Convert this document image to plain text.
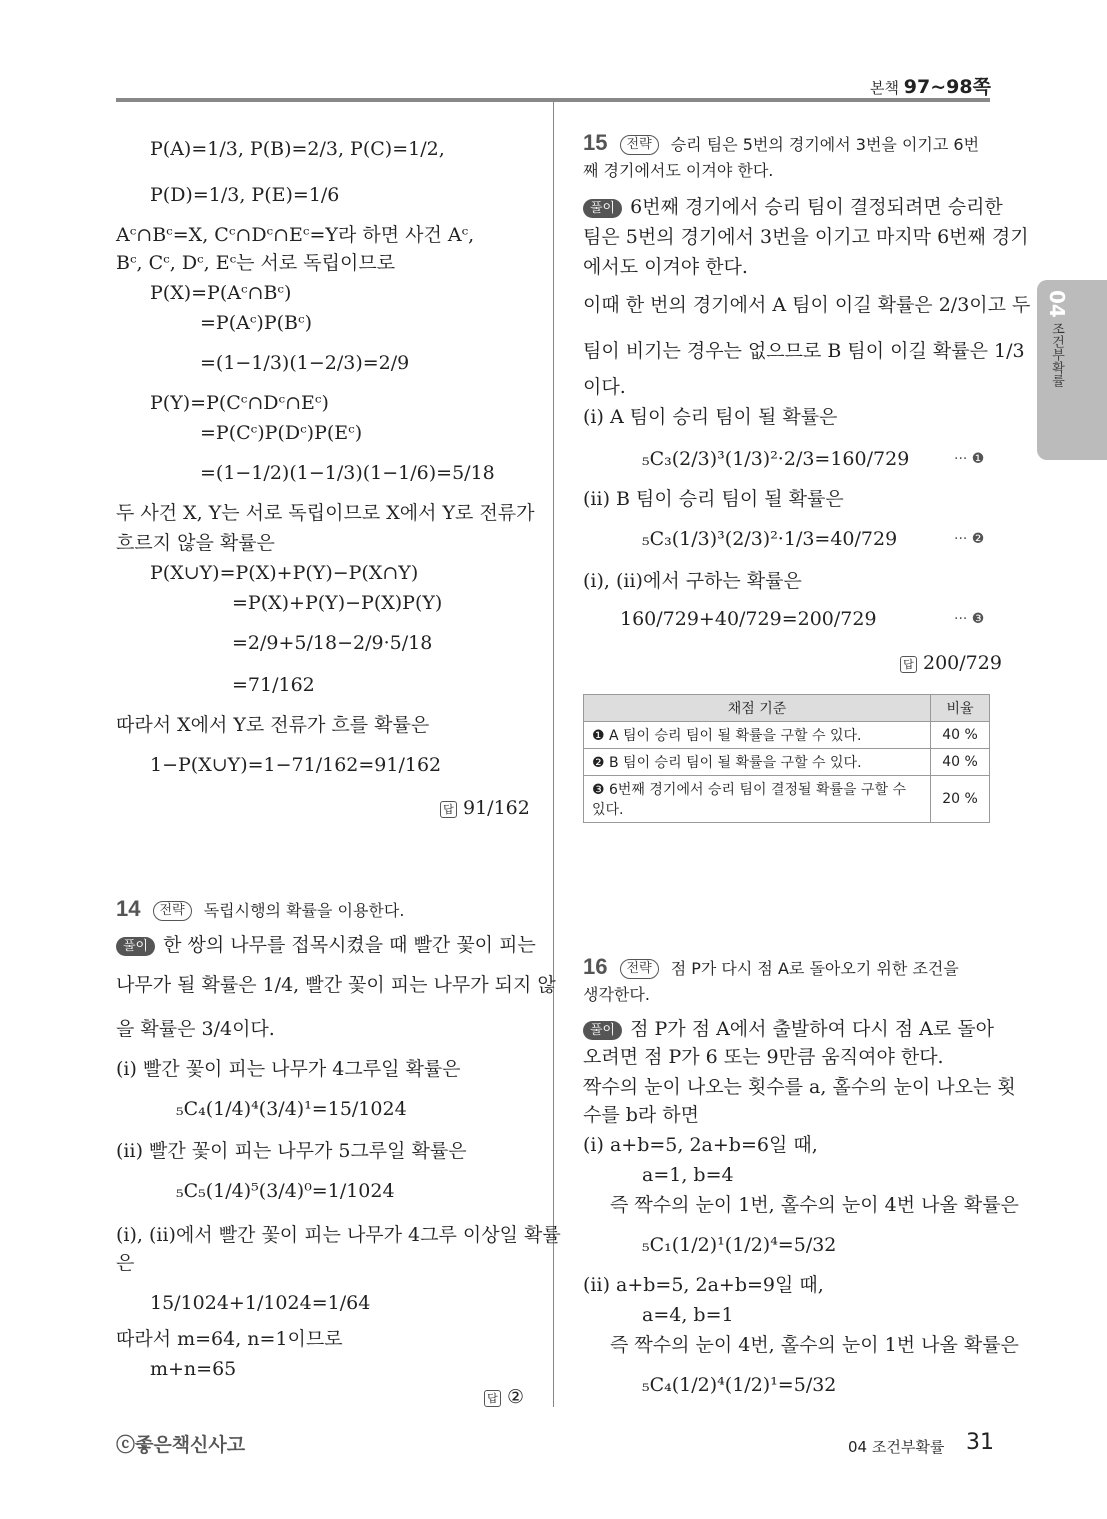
본책 97~98쪽
04
조건부확률
P(A)=1/3, P(B)=2/3, P(C)=1/2,
P(D)=1/3, P(E)=1/6
Aᶜ∩Bᶜ=X, Cᶜ∩Dᶜ∩Eᶜ=Y라 하면 사건 Aᶜ,
Bᶜ, Cᶜ, Dᶜ, Eᶜ는 서로 독립이므로
P(X)=P(Aᶜ∩Bᶜ)
=P(Aᶜ)P(Bᶜ)
=(1−1/3)(1−2/3)=2/9
P(Y)=P(Cᶜ∩Dᶜ∩Eᶜ)
=P(Cᶜ)P(Dᶜ)P(Eᶜ)
=(1−1/2)(1−1/3)(1−1/6)=5/18
두 사건 X, Y는 서로 독립이므로 X에서 Y로 전류가
흐르지 않을 확률은
P(X∪Y)=P(X)+P(Y)−P(X∩Y)
=P(X)+P(Y)−P(X)P(Y)
=2/9+5/18−2/9·5/18
=71/162
따라서 X에서 Y로 전류가 흐를 확률은
1−P(X∪Y)=1−71/162=91/162
답 91/162
14 전략 독립시행의 확률을 이용한다.
풀이 한 쌍의 나무를 접목시켰을 때 빨간 꽃이 피는
나무가 될 확률은 1/4, 빨간 꽃이 피는 나무가 되지 않
을 확률은 3/4이다.
(ⅰ) 빨간 꽃이 피는 나무가 4그루일 확률은
₅C₄(1/4)⁴(3/4)¹=15/1024
(ⅱ) 빨간 꽃이 피는 나무가 5그루일 확률은
₅C₅(1/4)⁵(3/4)⁰=1/1024
(ⅰ), (ⅱ)에서 빨간 꽃이 피는 나무가 4그루 이상일 확률
은
15/1024+1/1024=1/64
따라서 m=64, n=1이므로
m+n=65
답 ②
15 전략 승리 팀은 5번의 경기에서 3번을 이기고 6번
째 경기에서도 이겨야 한다.
풀이 6번째 경기에서 승리 팀이 결정되려면 승리한
팀은 5번의 경기에서 3번을 이기고 마지막 6번째 경기
에서도 이겨야 한다.
이때 한 번의 경기에서 A 팀이 이길 확률은 2/3이고 두
팀이 비기는 경우는 없으므로 B 팀이 이길 확률은 1/3
이다.
(ⅰ) A 팀이 승리 팀이 될 확률은
₅C₃(2/3)³(1/3)²·2/3=160/729	··· ❶
(ⅱ) B 팀이 승리 팀이 될 확률은
₅C₃(1/3)³(2/3)²·1/3=40/729	··· ❷
(ⅰ), (ⅱ)에서 구하는 확률은
160/729+40/729=200/729	··· ❸
답 200/729
채점 기준	비율
❶ A 팀이 승리 팀이 될 확률을 구할 수 있다.	40 %
❷ B 팀이 승리 팀이 될 확률을 구할 수 있다.	40 %
❸ 6번째 경기에서 승리 팀이 결정될 확률을 구할 수 있다.	20 %
16 전략 점 P가 다시 점 A로 돌아오기 위한 조건을
생각한다.
풀이 점 P가 점 A에서 출발하여 다시 점 A로 돌아
오려면 점 P가 6 또는 9만큼 움직여야 한다.
짝수의 눈이 나오는 횟수를 a, 홀수의 눈이 나오는 횟
수를 b라 하면
(ⅰ) a+b=5, 2a+b=6일 때,
a=1, b=4
즉 짝수의 눈이 1번, 홀수의 눈이 4번 나올 확률은
₅C₁(1/2)¹(1/2)⁴=5/32
(ⅱ) a+b=5, 2a+b=9일 때,
a=4, b=1
즉 짝수의 눈이 4번, 홀수의 눈이 1번 나올 확률은
₅C₄(1/2)⁴(1/2)¹=5/32
ⓒ좋은책신사고	04 조건부확률 31
